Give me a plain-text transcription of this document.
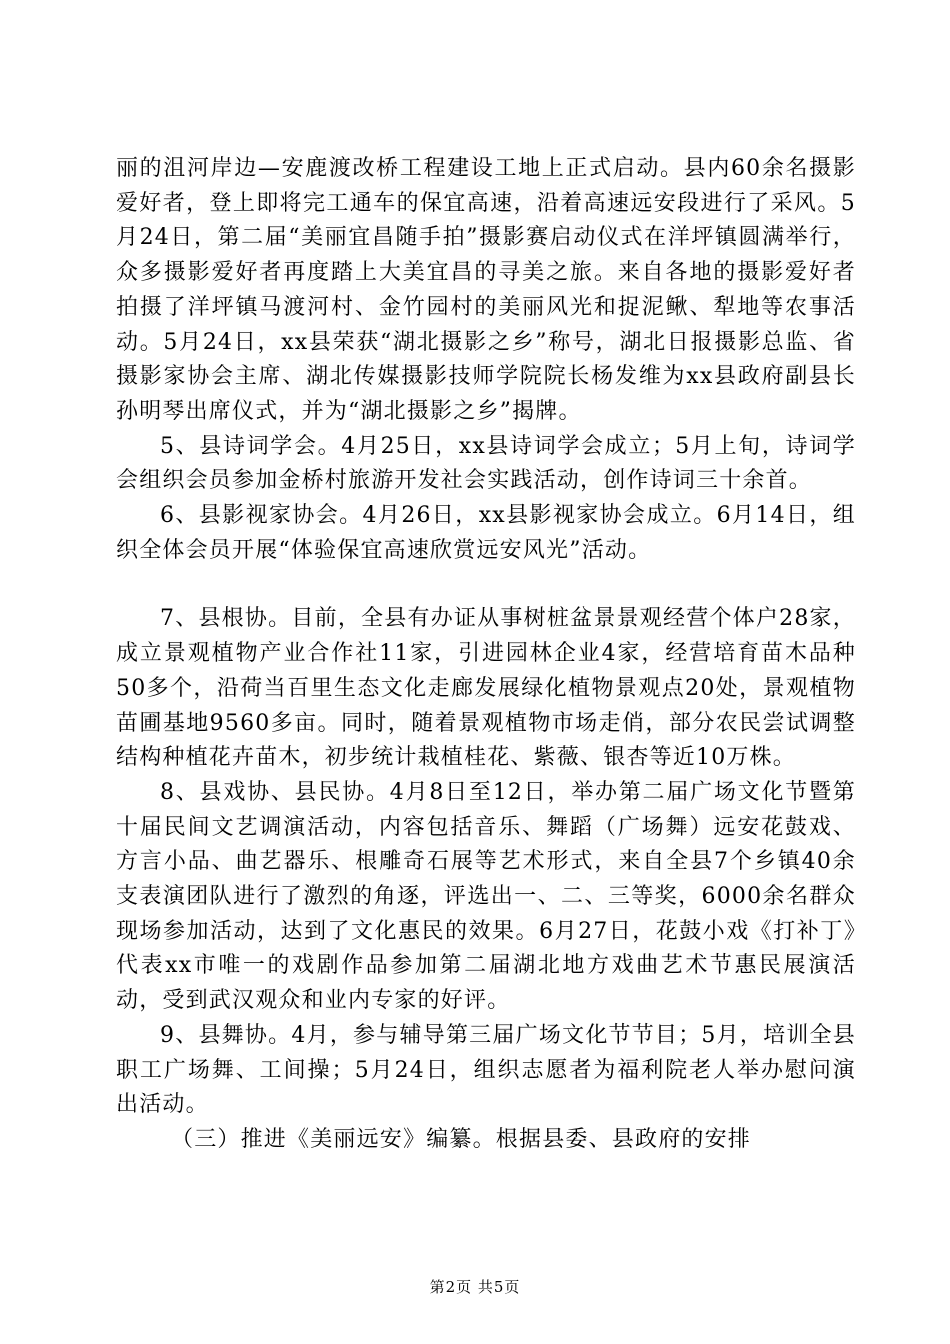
丽的沮河岸边—安鹿渡改桥工程建设工地上正式启动。县内60余名摄影爱好者，登上即将完工通车的保宜高速，沿着高速远安段进行了采风。5月24日，第二届“美丽宜昌随手拍”摄影赛启动仪式在洋坪镇圆满举行，众多摄影爱好者再度踏上大美宜昌的寻美之旅。来自各地的摄影爱好者拍摄了洋坪镇马渡河村、金竹园村的美丽风光和捉泥鳅、犁地等农事活动。5月24日，xx县荣获“湖北摄影之乡”称号，湖北日报摄影总监、省摄影家协会主席、湖北传媒摄影技师学院院长杨发维为xx县政府副县长孙明琴出席仪式，并为“湖北摄影之乡”揭牌。

5、县诗词学会。4月25日，xx县诗词学会成立；5月上旬，诗词学会组织会员参加金桥村旅游开发社会实践活动，创作诗词三十余首。

6、县影视家协会。4月26日，xx县影视家协会成立。6月14日，组织全体会员开展“体验保宜高速欣赏远安风光”活动。

7、县根协。目前，全县有办证从事树桩盆景景观经营个体户28家，成立景观植物产业合作社11家，引进园林企业4家，经营培育苗木品种50多个，沿荷当百里生态文化走廊发展绿化植物景观点20处，景观植物苗圃基地9560多亩。同时，随着景观植物市场走俏，部分农民尝试调整结构种植花卉苗木，初步统计栽植桂花、紫薇、银杏等近10万株。

8、县戏协、县民协。4月8日至12日，举办第二届广场文化节暨第十届民间文艺调演活动，内容包括音乐、舞蹈（广场舞）远安花鼓戏、方言小品、曲艺器乐、根雕奇石展等艺术形式，来自全县7个乡镇40余支表演团队进行了激烈的角逐，评选出一、二、三等奖，6000余名群众现场参加活动，达到了文化惠民的效果。6月27日，花鼓小戏《打补丁》代表xx市唯一的戏剧作品参加第二届湖北地方戏曲艺术节惠民展演活动，受到武汉观众和业内专家的好评。

9、县舞协。4月，参与辅导第三届广场文化节节目；5月，培训全县职工广场舞、工间操；5月24日，组织志愿者为福利院老人举办慰问演出活动。

（三）推进《美丽远安》编纂。根据县委、县政府的安排

第2页 共5页
